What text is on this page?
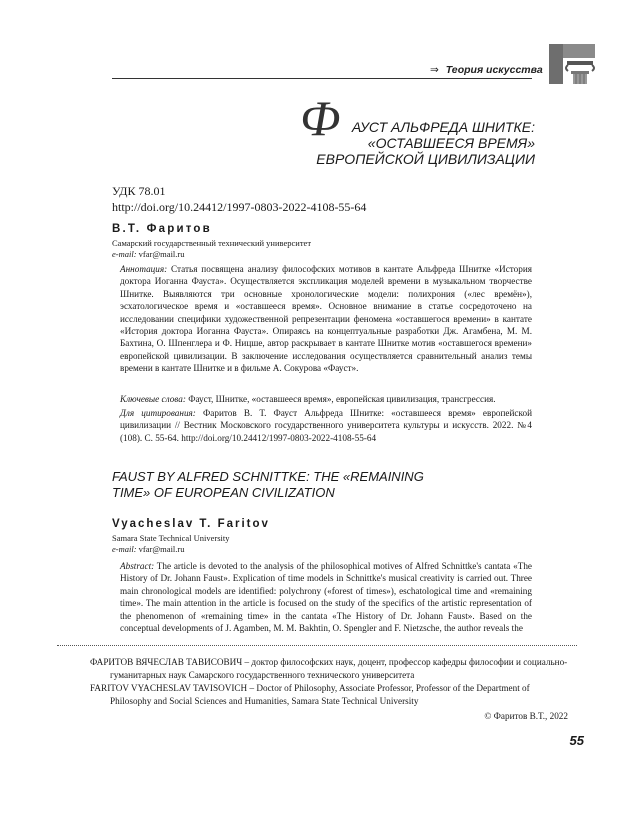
⇒ Теория искусства
Ф АУСТ АЛЬФРЕДА ШНИТКЕ:
«ОСТАВШЕЕСЯ ВРЕМЯ»
ЕВРОПЕЙСКОЙ ЦИВИЛИЗАЦИИ
УДК 78.01
http://doi.org/10.24412/1997-0803-2022-4108-55-64
В.Т. Фаритов
Самарский государственный технический университет
e-mail: vfar@mail.ru
Аннотация: Статья посвящена анализу философских мотивов в кантате Альфреда Шнитке «История доктора Иоганна Фауста». Осуществляется экспликация моделей времени в музыкальном творчестве Шнитке. Выявляются три основные хронологические модели: полихрония («лес времён»), эсхатологическое время и «оставшееся время». Основное внимание в статье сосредоточено на исследовании специфики художественной репрезентации феномена «оставшегося времени» в кантате «История доктора Иоганна Фауста». Опираясь на концептуальные разработки Дж. Агамбена, М. М. Бахтина, О. Шпенглера и Ф. Ницше, автор раскрывает в кантате Шнитке мотив «оставшегося времени» европейской цивилизации. В заключение исследования осуществляется сравнительный анализ темы времени в кантате Шнитке и в фильме А. Сокурова «Фауст».
Ключевые слова: Фауст, Шнитке, «оставшееся время», европейская цивилизация, трансгрессия.
Для цитирования: Фаритов В. Т. Фауст Альфреда Шнитке: «оставшееся время» европейской цивилизации // Вестник Московского государственного университета культуры и искусств. 2022. №4 (108). С. 55-64. http://doi.org/10.24412/1997-0803-2022-4108-55-64
FAUST BY ALFRED SCHNITTKE: THE «REMAINING
TIME» OF EUROPEAN CIVILIZATION
Vyacheslav T. Faritov
Samara State Technical University
e-mail: vfar@mail.ru
Abstract: The article is devoted to the analysis of the philosophical motives of Alfred Schnittke's cantata «The History of Dr. Johann Faust». Explication of time models in Schnittke's musical creativity is carried out. Three main chronological models are identified: polychrony («forest of times»), eschatological time and «remaining time». The main attention in the article is focused on the study of the specifics of the artistic representation of the phenomenon of «remaining time» in the cantata «The History of Dr. Johann Faust». Based on the conceptual developments of J. Agamben, M. M. Bakhtin, O. Spengler and F. Nietzsche, the author reveals the
ФАРИТОВ ВЯЧЕСЛАВ ТАВИСОВИЧ – доктор философских наук, доцент, профессор кафедры философии и социально-гуманитарных наук Самарского государственного технического университета
FARITOV VYACHESLAV TAVISOVICH – Doctor of Philosophy, Associate Professor, Professor of the Department of Philosophy and Social Sciences and Humanities, Samara State Technical University
© Фаритов В.Т., 2022
55
